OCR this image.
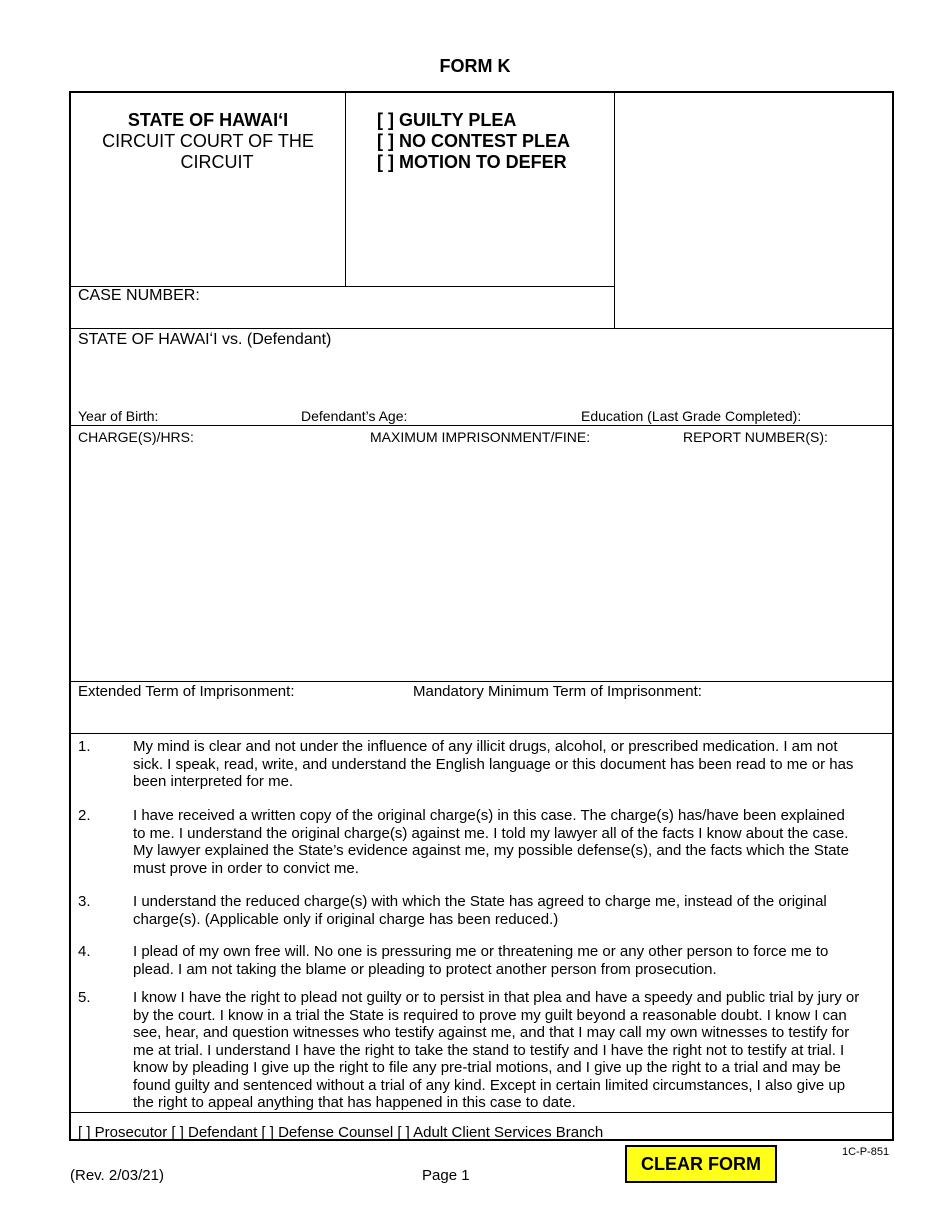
FORM K
STATE OF HAWAIʻI
CIRCUIT COURT OF THE
CIRCUIT
[ ] GUILTY PLEA
[ ] NO CONTEST PLEA
[ ] MOTION TO DEFER
CASE NUMBER:
STATE OF HAWAIʻI vs. (Defendant)
Year of Birth:	Defendant’s Age:	Education (Last Grade Completed):
CHARGE(S)/HRS:	MAXIMUM IMPRISONMENT/FINE:	REPORT NUMBER(S):
Extended Term of Imprisonment:	Mandatory Minimum Term of Imprisonment:
1.	My mind is clear and not under the influence of any illicit drugs, alcohol, or prescribed medication. I am not
sick. I speak, read, write, and understand the English language or this document has been read to me or has
been interpreted for me.
2.	I have received a written copy of the original charge(s) in this case. The charge(s) has/have been explained
to me. I understand the original charge(s) against me. I told my lawyer all of the facts I know about the case.
My lawyer explained the State’s evidence against me, my possible defense(s), and the facts which the State
must prove in order to convict me.
3.	I understand the reduced charge(s) with which the State has agreed to charge me, instead of the original
charge(s). (Applicable only if original charge has been reduced.)
4.	I plead of my own free will. No one is pressuring me or threatening me or any other person to force me to
plead. I am not taking the blame or pleading to protect another person from prosecution.
5.	I know I have the right to plead not guilty or to persist in that plea and have a speedy and public trial by jury or
by the court. I know in a trial the State is required to prove my guilt beyond a reasonable doubt. I know I can
see, hear, and question witnesses who testify against me, and that I may call my own witnesses to testify for
me at trial. I understand I have the right to take the stand to testify and I have the right not to testify at trial. I
know by pleading I give up the right to file any pre-trial motions, and I give up the right to a trial and may be
found guilty and sentenced without a trial of any kind. Except in certain limited circumstances, I also give up
the right to appeal anything that has happened in this case to date.
[ ] Prosecutor [ ] Defendant [ ] Defense Counsel [ ] Adult Client Services Branch
1C-P-851
CLEAR FORM
(Rev. 2/03/21)	Page 1
